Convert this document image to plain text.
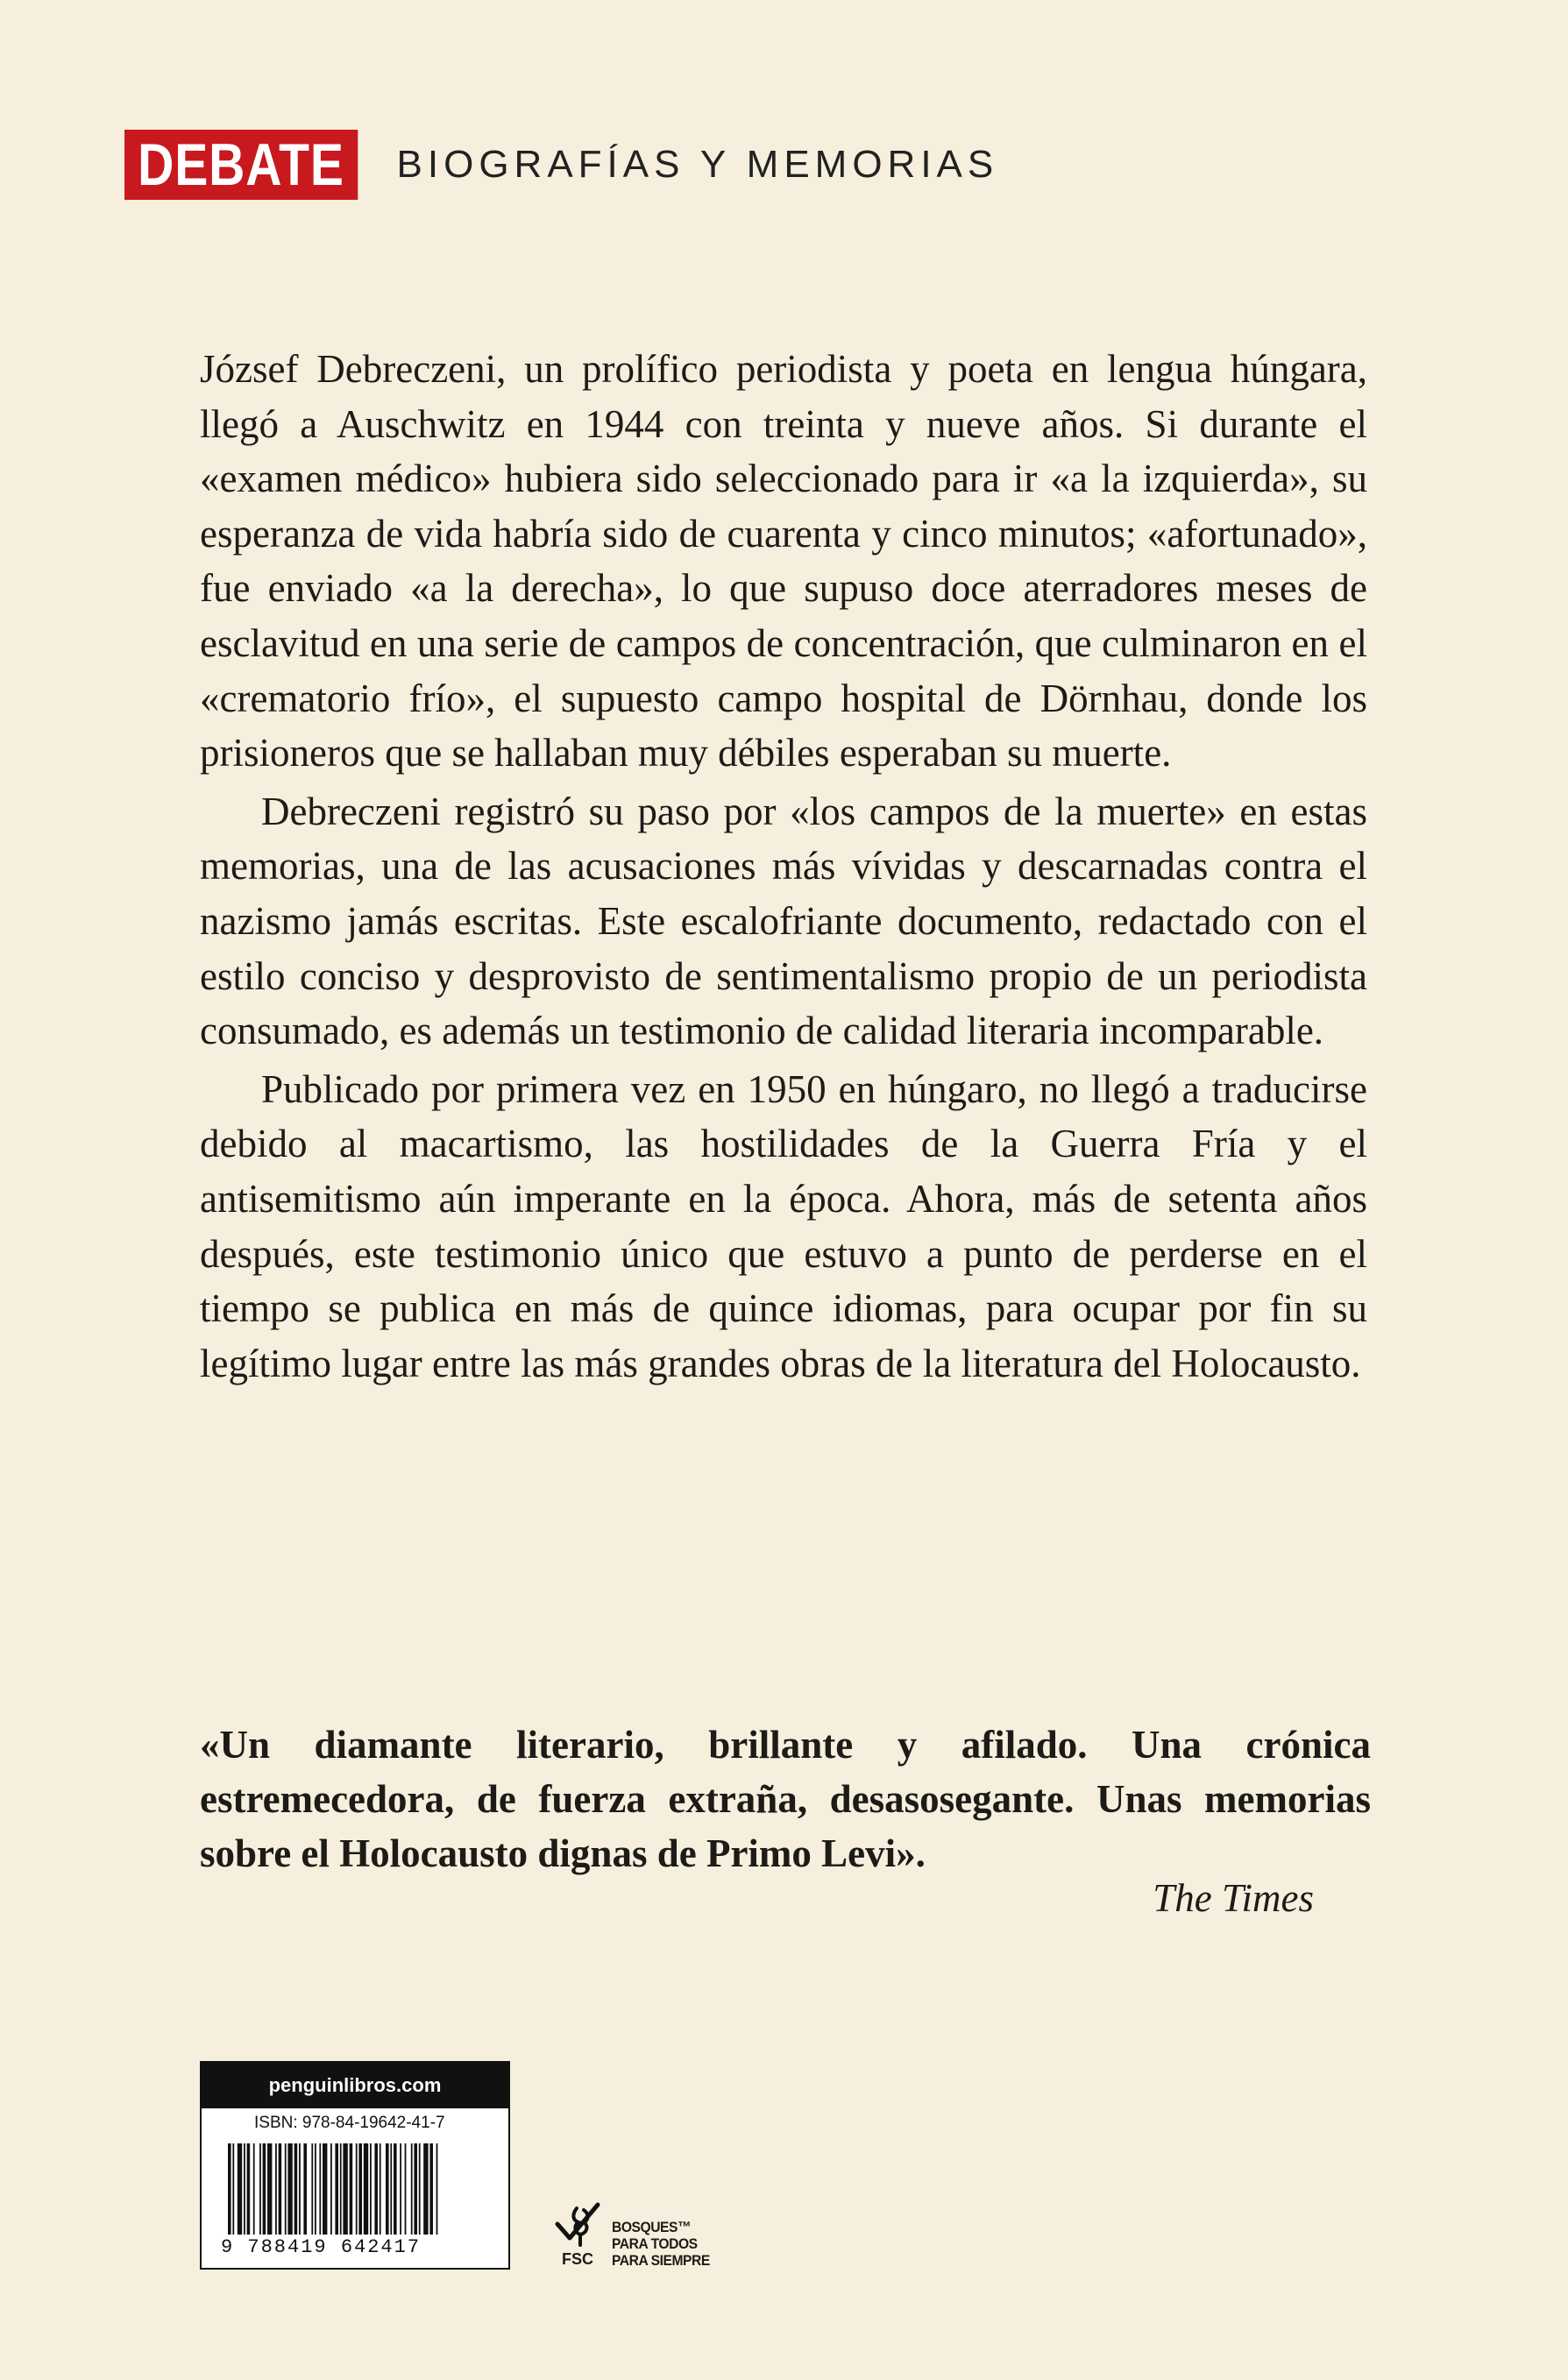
DEBATE	BIOGRAFÍAS Y MEMORIAS

József Debreczeni, un prolífico periodista y poeta en lengua húngara, llegó a Auschwitz en 1944 con treinta y nueve años. Si durante el «examen médico» hubiera sido seleccionado para ir «a la izquierda», su esperanza de vida habría sido de cuarenta y cinco minutos; «afortunado», fue enviado «a la derecha», lo que supuso doce aterradores meses de esclavitud en una serie de campos de concentración, que culminaron en el «crematorio frío», el supuesto campo hospital de Dörnhau, donde los prisioneros que se hallaban muy débiles esperaban su muerte.

Debreczeni registró su paso por «los campos de la muerte» en estas memorias, una de las acusaciones más vívidas y descarnadas contra el nazismo jamás escritas. Este escalofriante documento, redactado con el estilo conciso y desprovisto de sentimentalismo propio de un periodista consumado, es además un testimonio de calidad literaria incomparable.

Publicado por primera vez en 1950 en húngaro, no llegó a traducirse debido al macartismo, las hostilidades de la Guerra Fría y el antisemitismo aún imperante en la época. Ahora, más de setenta años después, este testimonio único que estuvo a punto de perderse en el tiempo se publica en más de quince idiomas, para ocupar por fin su legítimo lugar entre las más grandes obras de la literatura del Holocausto.

«Un diamante literario, brillante y afilado. Una crónica estremecedora, de fuerza extraña, desasosegante. Unas memorias sobre el Holocausto dignas de Primo Levi».

The Times
penguinlibros.com
ISBN: 978-84-19642-41-7
9 788419 642417
FSC
BOSQUES™
PARA TODOS
PARA SIEMPRE
